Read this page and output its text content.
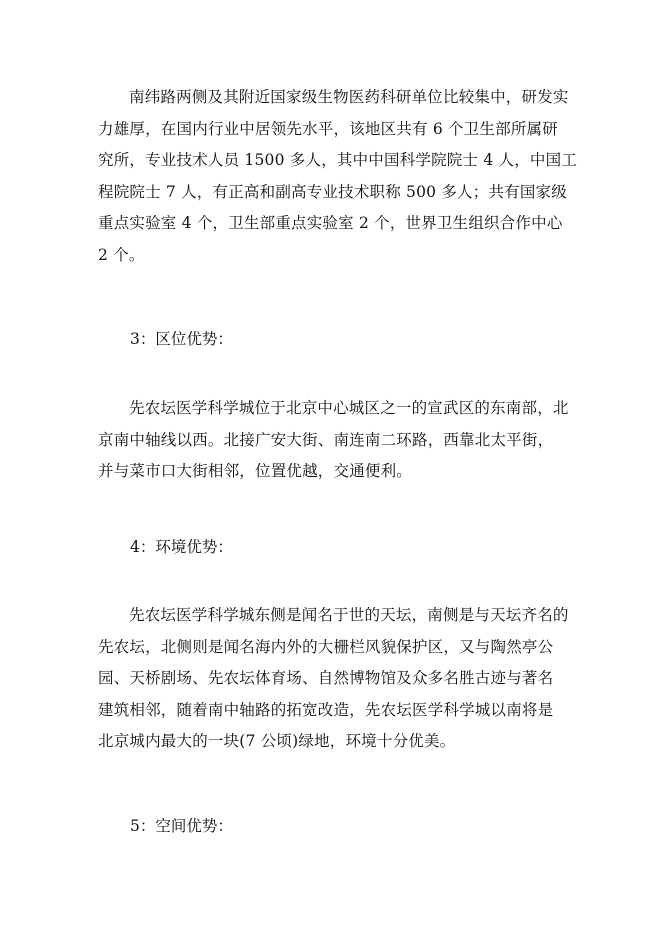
南纬路两侧及其附近国家级生物医药科研单位比较集中，研发实
力雄厚，在国内行业中居领先水平，该地区共有 6 个卫生部所属研
究所，专业技术人员 1500 多人，其中中国科学院院士 4 人，中国工
程院院士 7 人，有正高和副高专业技术职称 500 多人；共有国家级
重点实验室 4 个，卫生部重点实验室 2 个，世界卫生组织合作中心
2 个。

3：区位优势：

先农坛医学科学城位于北京中心城区之一的宣武区的东南部，北
京南中轴线以西。北接广安大街、南连南二环路，西靠北太平街，
并与菜市口大街相邻，位置优越，交通便利。

4：环境优势：

先农坛医学科学城东侧是闻名于世的天坛，南侧是与天坛齐名的
先农坛，北侧则是闻名海内外的大栅栏风貌保护区，又与陶然亭公
园、天桥剧场、先农坛体育场、自然博物馆及众多名胜古迹与著名
建筑相邻，随着南中轴路的拓宽改造，先农坛医学科学城以南将是
北京城内最大的一块(7 公顷)绿地，环境十分优美。

5：空间优势：
